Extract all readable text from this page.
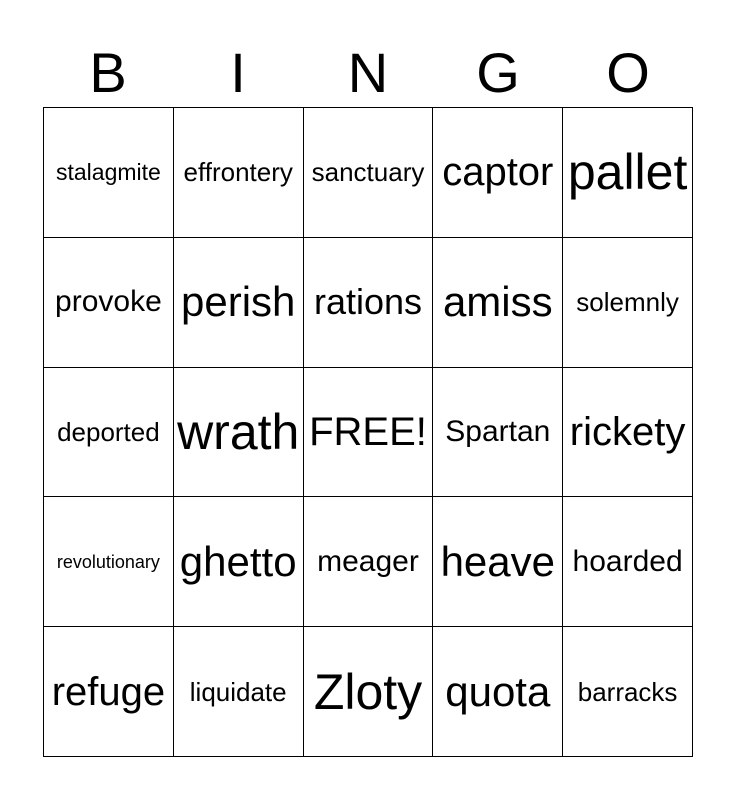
B	I	N	G	O
stalagmite effrontery sanctuary captor pallet
provoke perish rations amiss solemnly
deported wrath FREE! Spartan rickety
revolutionary ghetto meager heave hoarded
refuge liquidate Zloty quota barracks
